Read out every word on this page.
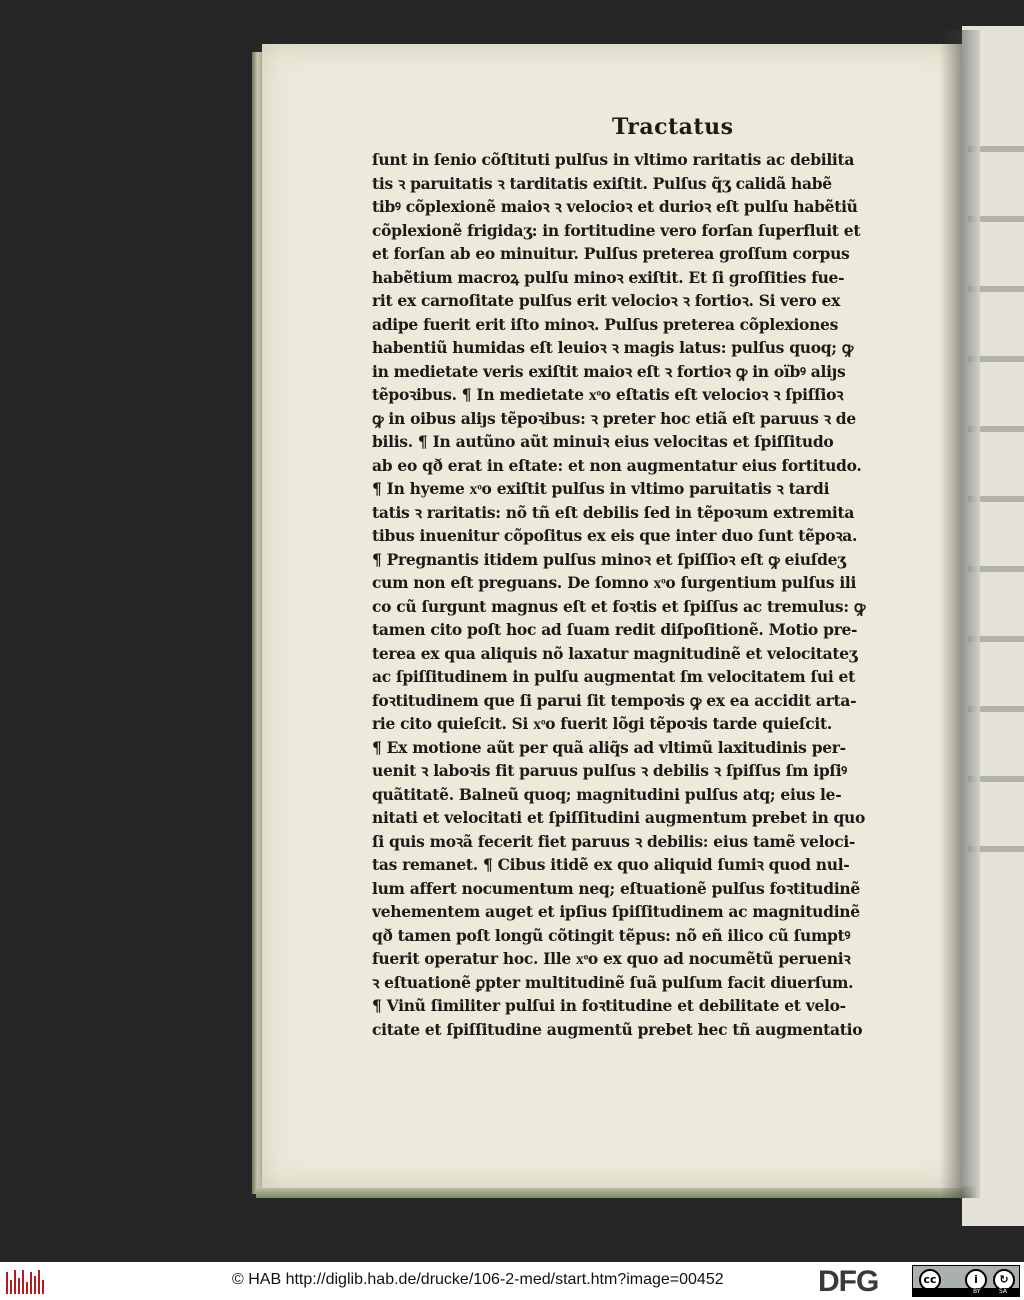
Tractatus
ſunt in ſenio cõſtituti pulſus in vltimo raritatis ac debilita
tis ꝛ paruitatis ꝛ tarditatis exiſtit. Pulſus q̃ʒ calidã habẽ
tibꝰ cõplexionẽ maioꝛ ꝛ velocioꝛ et durioꝛ eſt pulſu habẽtiũ
cõplexionẽ frigidaʒ: in fortitudine vero forſan ſuperfluit et
et forſan ab eo minuitur. Pulſus preterea groſſum corpus
habẽtium macroꝝ pulſu minoꝛ exiſtit. Et ſi groſſities fue-
rit ex carnoſitate pulſus erit velocioꝛ ꝛ fortioꝛ. Si vero ex
adipe fuerit erit iſto minoꝛ. Pulſus preterea cõplexiones
habentiũ humidas eſt leuioꝛ ꝛ magis latus: pulſus quoq; ꝙ
in medietate veris exiſtit maioꝛ eſt ꝛ fortioꝛ ꝙ in oïbꝰ aliȷs
tẽpoꝛibus. ¶ In medietate xͦo eſtatis eſt velocioꝛ ꝛ ſpiſſioꝛ
ꝙ in oibus aliȷs tẽpoꝛibus: ꝛ preter hoc etiã eſt paruus ꝛ de
bilis. ¶ In autũno aũt minuiꝛ eius velocitas et ſpiſſitudo
ab eo qð erat in eſtate: et non augmentatur eius fortitudo.
¶ In hyeme xͦo exiſtit pulſus in vltimo paruitatis ꝛ tardi
tatis ꝛ raritatis: nõ tñ eſt debilis ſed in tẽpoꝛum extremita
tibus inuenitur cõpoſitus ex eis que inter duo ſunt tẽpoꝛa.
¶ Pregnantis itidem pulſus minoꝛ et ſpiſſioꝛ eſt ꝙ eiuſdeʒ
cum non eſt preguans. De ſomno xͦo ſurgentium pulſus ili
co cũ ſurgunt magnus eſt et foꝛtis et ſpiſſus ac tremulus: ꝙ
tamen cito poſt hoc ad ſuam redit diſpoſitionẽ. Motio pre-
terea ex qua aliquis nõ laxatur magnitudinẽ et velocitateʒ
ac ſpiſſitudinem in pulſu augmentat ſm velocitatem ſui et
foꝛtitudinem que ſi parui ſit tempoꝛis ꝙ ex ea accidit arta-
rie cito quieſcit. Si xͦo fuerit lõgi tẽpoꝛis tarde quieſcit.
¶ Ex motione aũt per quã aliq̃s ad vltimũ laxitudinis per-
uenit ꝛ laboꝛis fit paruus pulſus ꝛ debilis ꝛ ſpiſſus ſm ipſiꝰ
quãtitatẽ. Balneũ quoq; magnitudini pulſus atq; eius le-
nitati et velocitati et ſpiſſitudini augmentum prebet in quo
ſi quis moꝛã fecerit fiet paruus ꝛ debilis: eius tamẽ veloci-
tas remanet. ¶ Cibus itidẽ ex quo aliquid ſumiꝛ quod nul-
lum affert nocumentum neq; eſtuationẽ pulſus foꝛtitudinẽ
vehementem auget et ipſius ſpiſſitudinem ac magnitudinẽ
qð tamen poſt longũ cõtingit tẽpus: nõ eñ ilico cũ ſumptꝰ
fuerit operatur hoc. Ille xͦo ex quo ad nocumẽtũ perueniꝛ
ꝛ eſtuationẽ ꝑpter multitudinẽ ſuã pulſum facit diuerſum.
¶ Vinũ ſimiliter pulſui in foꝛtitudine et debilitate et velo-
citate et ſpiſſitudine augmentũ prebet hec tñ augmentatio
© HAB http://diglib.hab.de/drucke/106-2-med/start.htm?image=00452	DFG	cc	i	↻
BY	SA
